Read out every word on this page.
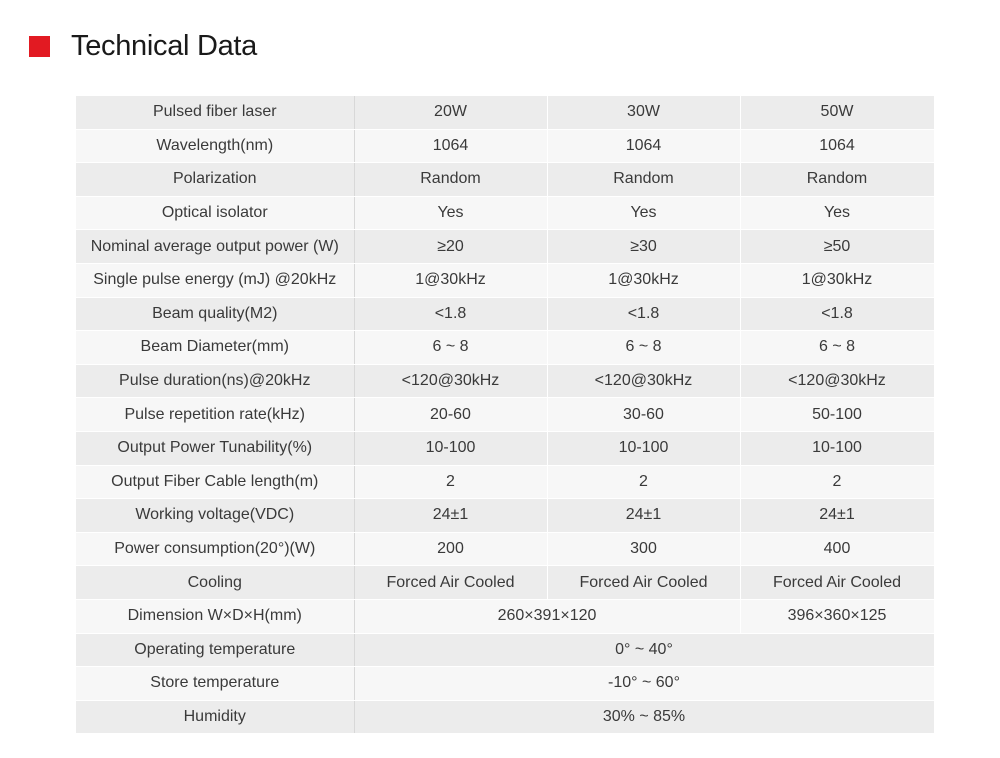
Technical Data
Pulsed fiber laser	20W	30W	50W
Wavelength(nm)	1064	1064	1064
Polarization	Random	Random	Random
Optical isolator	Yes	Yes	Yes
Nominal average output power (W)	≥20	≥30	≥50
Single pulse energy (mJ) @20kHz	1@30kHz	1@30kHz	1@30kHz
Beam quality(M2)	<1.8	<1.8	<1.8
Beam Diameter(mm)	6 ~ 8	6 ~ 8	6 ~ 8
Pulse duration(ns)@20kHz	<120@30kHz	<120@30kHz	<120@30kHz
Pulse repetition rate(kHz)	20-60	30-60	50-100
Output Power Tunability(%)	10-100	10-100	10-100
Output Fiber Cable length(m)	2	2	2
Working voltage(VDC)	24±1	24±1	24±1
Power consumption(20°)(W)	200	300	400
Cooling	Forced Air Cooled	Forced Air Cooled	Forced Air Cooled
Dimension W×D×H(mm)	260×391×120		396×360×125
Operating temperature	0° ~ 40°		
Store temperature	-10° ~ 60°		
Humidity	30% ~ 85%		
